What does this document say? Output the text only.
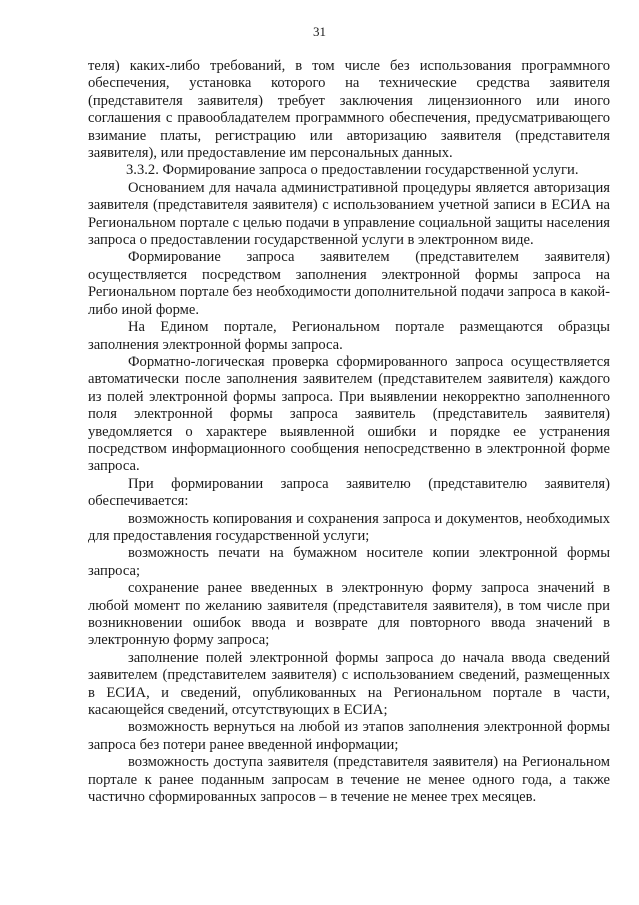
31

теля) каких-либо требований, в том числе без использования программного обеспечения, установка которого на технические средства заявителя (представителя заявителя) требует заключения лицензионного или иного соглашения с правообладателем программного обеспечения, предусматривающего взимание платы, регистрацию или авторизацию заявителя (представителя заявителя), или предоставление им персональных данных.

3.3.2. Формирование запроса о предоставлении государственной услуги.

Основанием для начала административной процедуры является авторизация заявителя (представителя заявителя) с использованием учетной записи в ЕСИА на Региональном портале с целью подачи в управление социальной защиты населения запроса о предоставлении государственной услуги в электронном виде.

Формирование запроса заявителем (представителем заявителя) осуществляется посредством заполнения электронной формы запроса на Региональном портале без необходимости дополнительной подачи запроса в какой-либо иной форме.

На Едином портале, Региональном портале размещаются образцы заполнения электронной формы запроса.

Форматно-логическая проверка сформированного запроса осуществляется автоматически после заполнения заявителем (представителем заявителя) каждого из полей электронной формы запроса. При выявлении некорректно заполненного поля электронной формы запроса заявитель (представитель заявителя) уведомляется о характере выявленной ошибки и порядке ее устранения посредством информационного сообщения непосредственно в электронной форме запроса.

При формировании запроса заявителю (представителю заявителя) обеспечивается:

возможность копирования и сохранения запроса и документов, необходимых для предоставления государственной услуги;

возможность печати на бумажном носителе копии электронной формы запроса;

сохранение ранее введенных в электронную форму запроса значений в любой момент по желанию заявителя (представителя заявителя), в том числе при возникновении ошибок ввода и возврате для повторного ввода значений в электронную форму запроса;

заполнение полей электронной формы запроса до начала ввода сведений заявителем (представителем заявителя) с использованием сведений, размещенных в ЕСИА, и сведений, опубликованных на Региональном портале в части, касающейся сведений, отсутствующих в ЕСИА;

возможность вернуться на любой из этапов заполнения электронной формы запроса без потери ранее введенной информации;

возможность доступа заявителя (представителя заявителя) на Региональном портале к ранее поданным запросам в течение не менее одного года, а также частично сформированных запросов – в течение не менее трех месяцев.
